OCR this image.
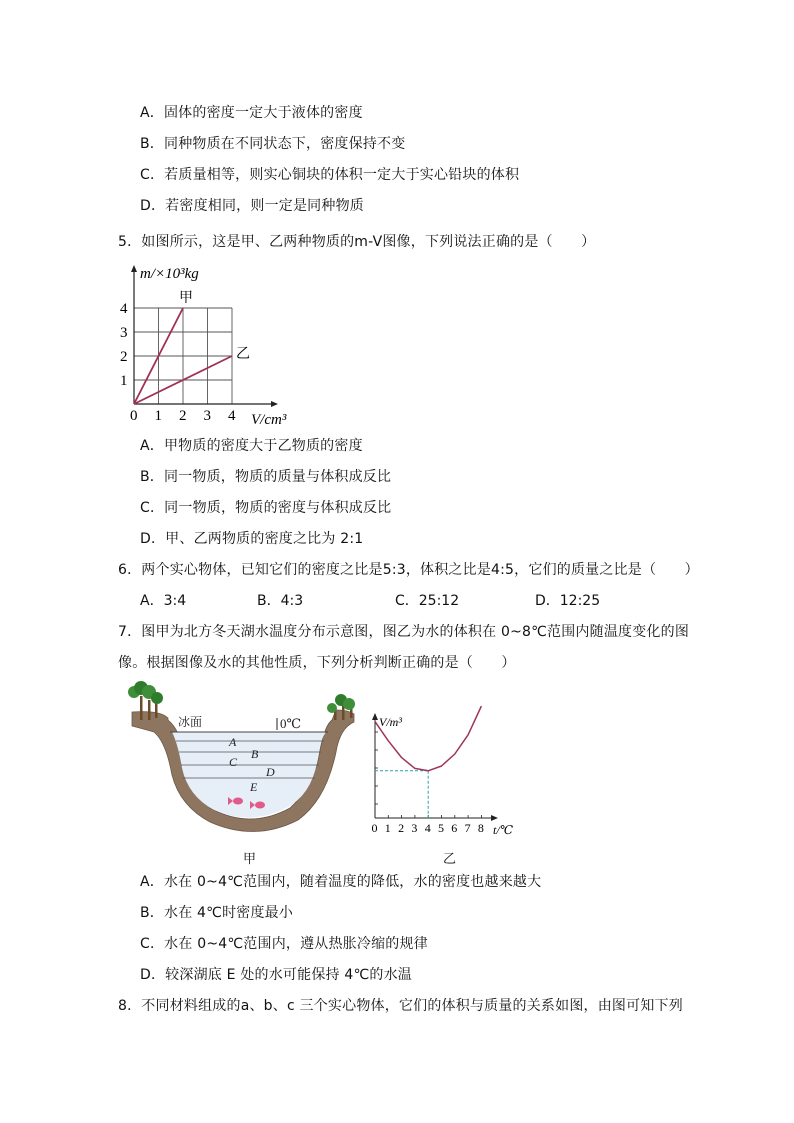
A．固体的密度一定大于液体的密度
B．同种物质在不同状态下，密度保持不变
C．若质量相等，则实心铜块的体积一定大于实心铅块的体积
D．若密度相同，则一定是同种物质
5．如图所示，这是甲、乙两种物质的m-V图像，下列说法正确的是（　　）
0 1 2 3 4
1
2
3
4
甲
乙
m/×10³kg
V/cm³
A．甲物质的密度大于乙物质的密度
B．同一物质，物质的质量与体积成反比
C．同一物质，物质的密度与体积成反比
D．甲、乙两物质的密度之比为 2:1
6．两个实心物体，已知它们的密度之比是5:3，体积之比是4:5，它们的质量之比是（　　）
A．3:4	B．4:3	C．25:12	D．12:25
7．图甲为北方冬天湖水温度分布示意图，图乙为水的体积在 0~8℃范围内随温度变化的图
像。根据图像及水的其他性质，下列分析判断正确的是（　　）
冰面	0℃
A
B
C
D
E
甲
0 1 2 3 4 5 6 7 8
V/m³
t/℃
乙
A．水在 0~4℃范围内，随着温度的降低，水的密度也越来越大
B．水在 4℃时密度最小
C．水在 0~4℃范围内，遵从热胀冷缩的规律
D．较深湖底 E 处的水可能保持 4℃的水温
8．不同材料组成的a、b、c 三个实心物体，它们的体积与质量的关系如图，由图可知下列
